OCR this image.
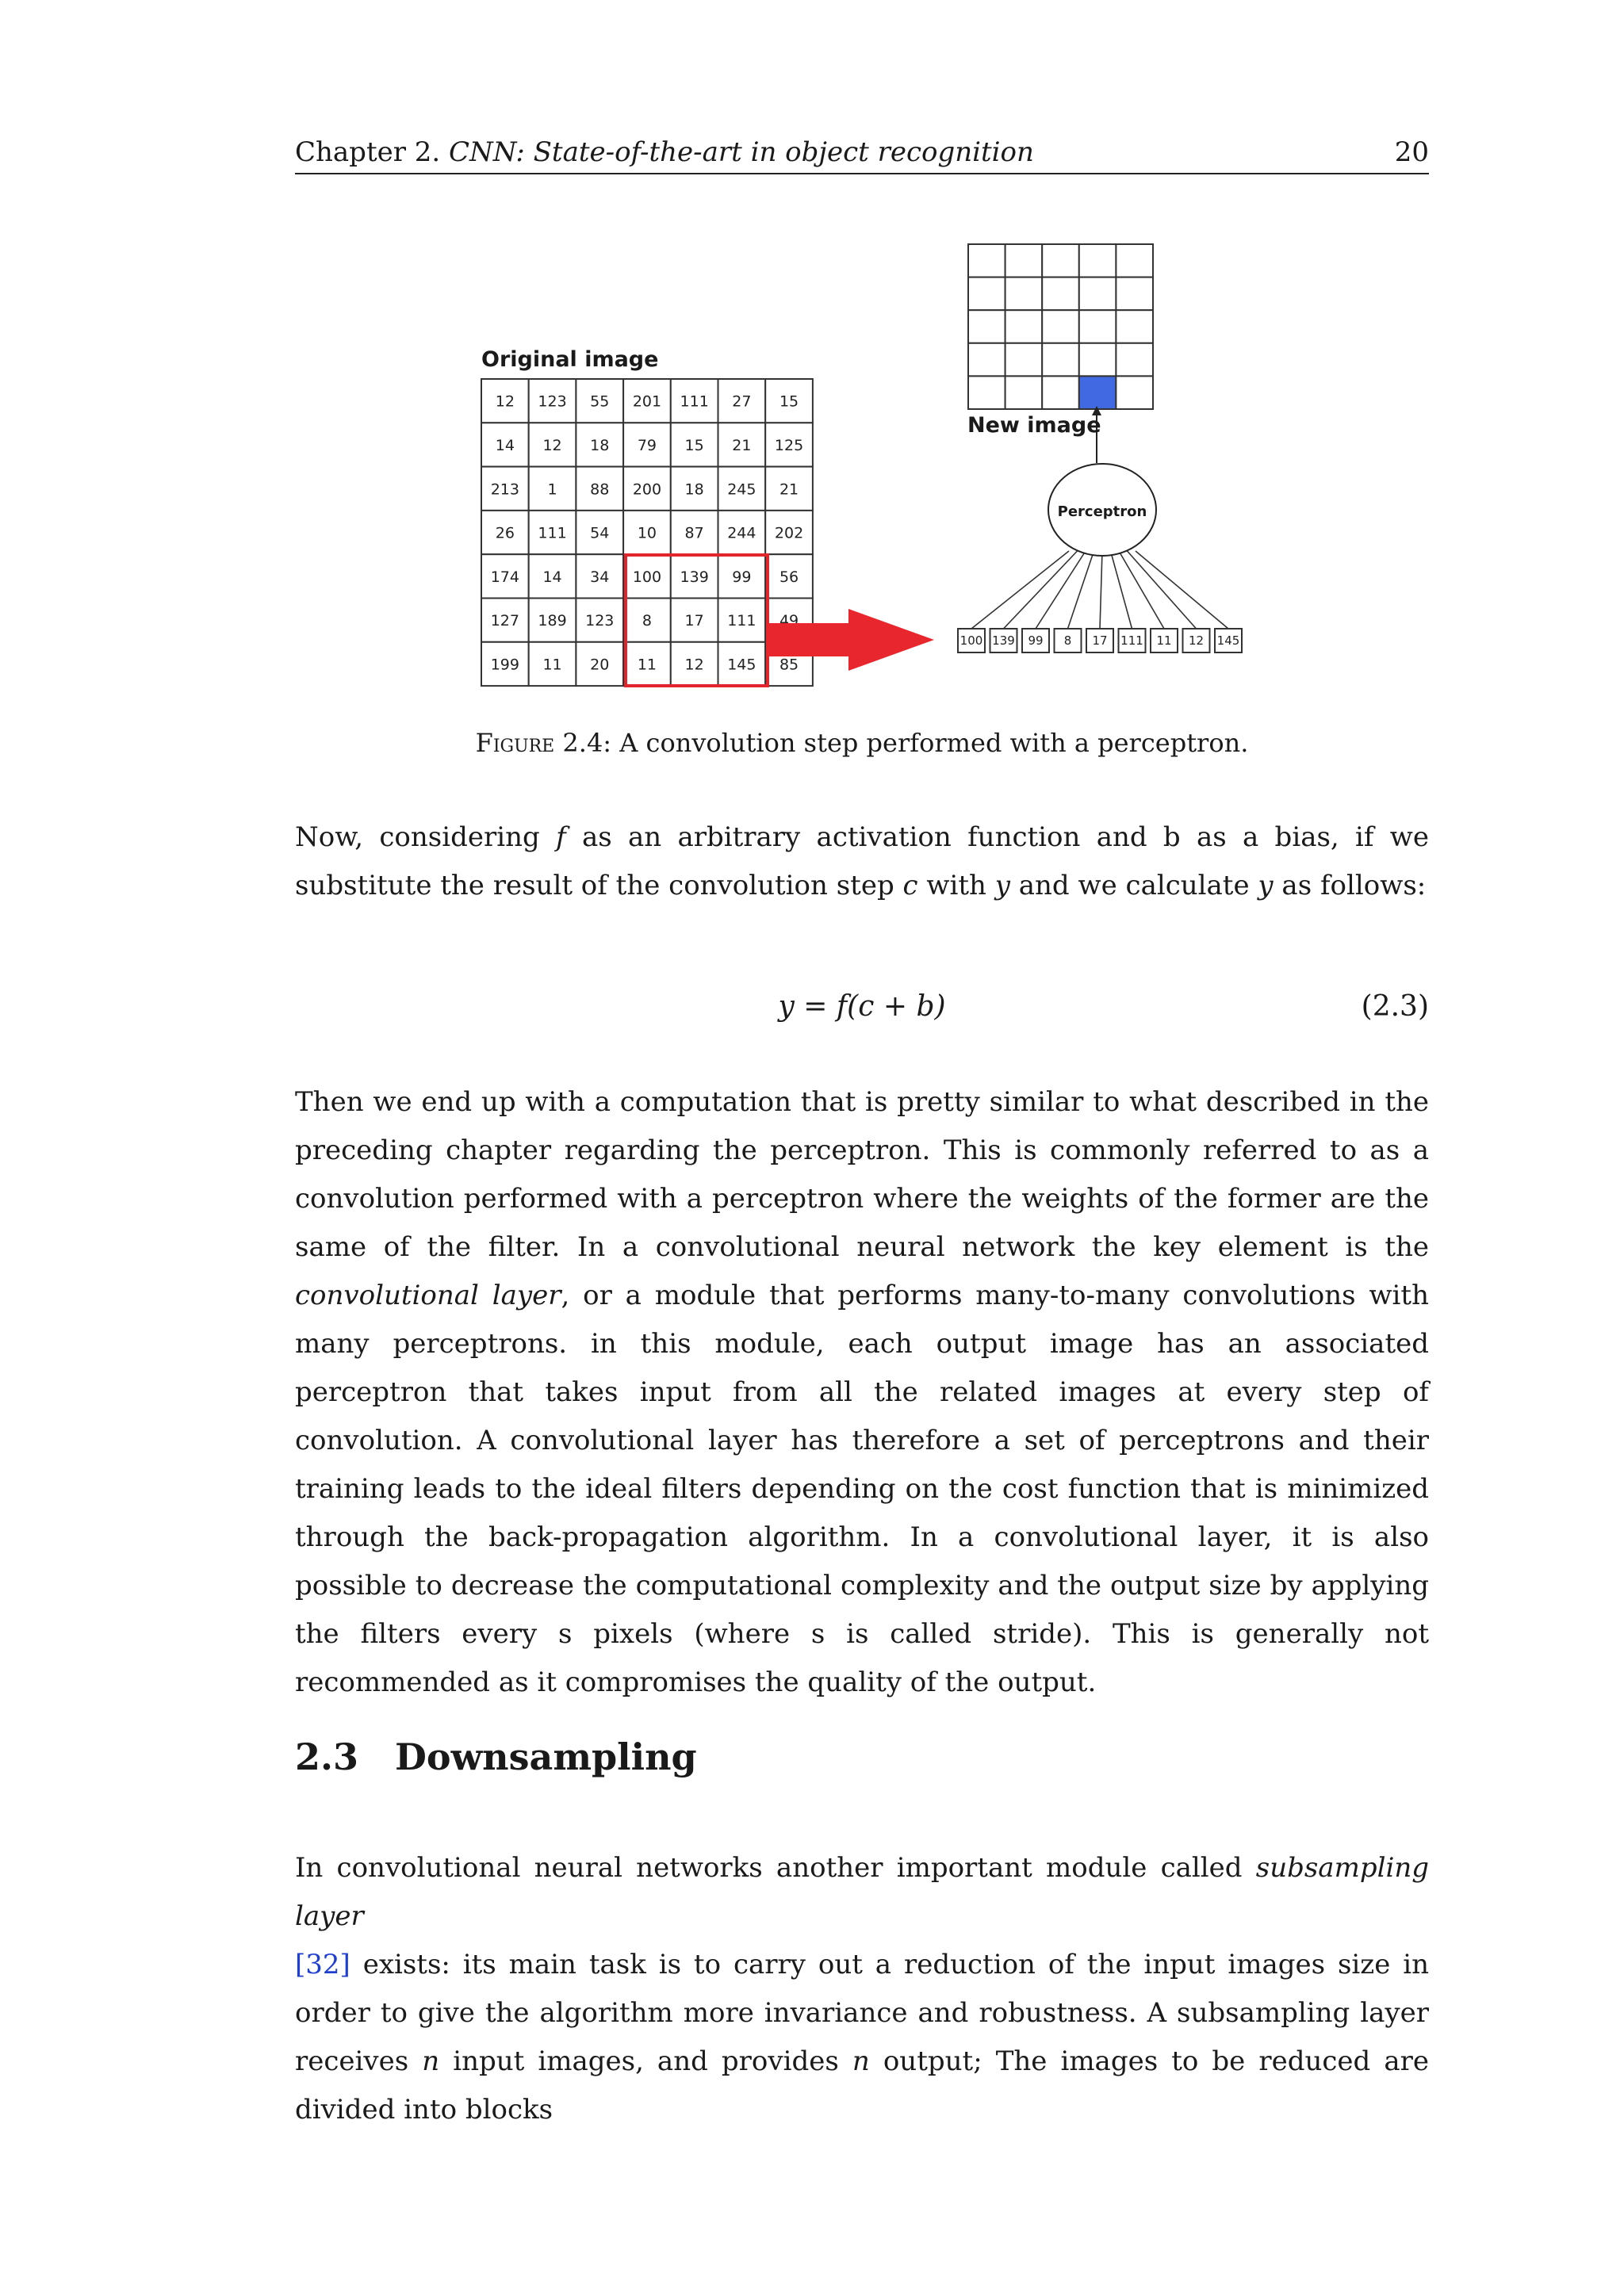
Chapter 2. CNN: State-of-the-art in object recognition	20
Original image
12 123 55 201 111 27 15
14 12 18 79 15 21 125
213 1 88 200 18 245 21
26 111 54 10 87 244 202
174 14 34 100 139 99 56
127 189 123 8 17 111 49
199 11 20 11 12 145 85
New image
Perceptron
100 139 99 8 17 111 11 12 145
Figure 2.4: A convolution step performed with a perceptron.

Now, considering f as an arbitrary activation function and b as a bias, if we substitute the result of the convolution step c with y and we calculate y as follows:

y = f(c + b)	(2.3)

Then we end up with a computation that is pretty similar to what described in the preceding chapter regarding the perceptron. This is commonly referred to as a convolution performed with a perceptron where the weights of the former are the same of the filter. In a convolutional neural network the key element is the convolutional layer, or a module that performs many-to-many convolutions with many perceptrons. in this module, each output image has an associated perceptron that takes input from all the related images at every step of convolution. A convolutional layer has therefore a set of perceptrons and their training leads to the ideal filters depending on the cost function that is minimized through the back-propagation algorithm. In a convolutional layer, it is also possible to decrease the computational complexity and the output size by applying the filters every s pixels (where s is called stride). This is generally not recommended as it compromises the quality of the output.

2.3 Downsampling

In convolutional neural networks another important module called subsampling layer
[32] exists: its main task is to carry out a reduction of the input images size in order to give the algorithm more invariance and robustness. A subsampling layer receives n input images, and provides n output; The images to be reduced are divided into blocks
